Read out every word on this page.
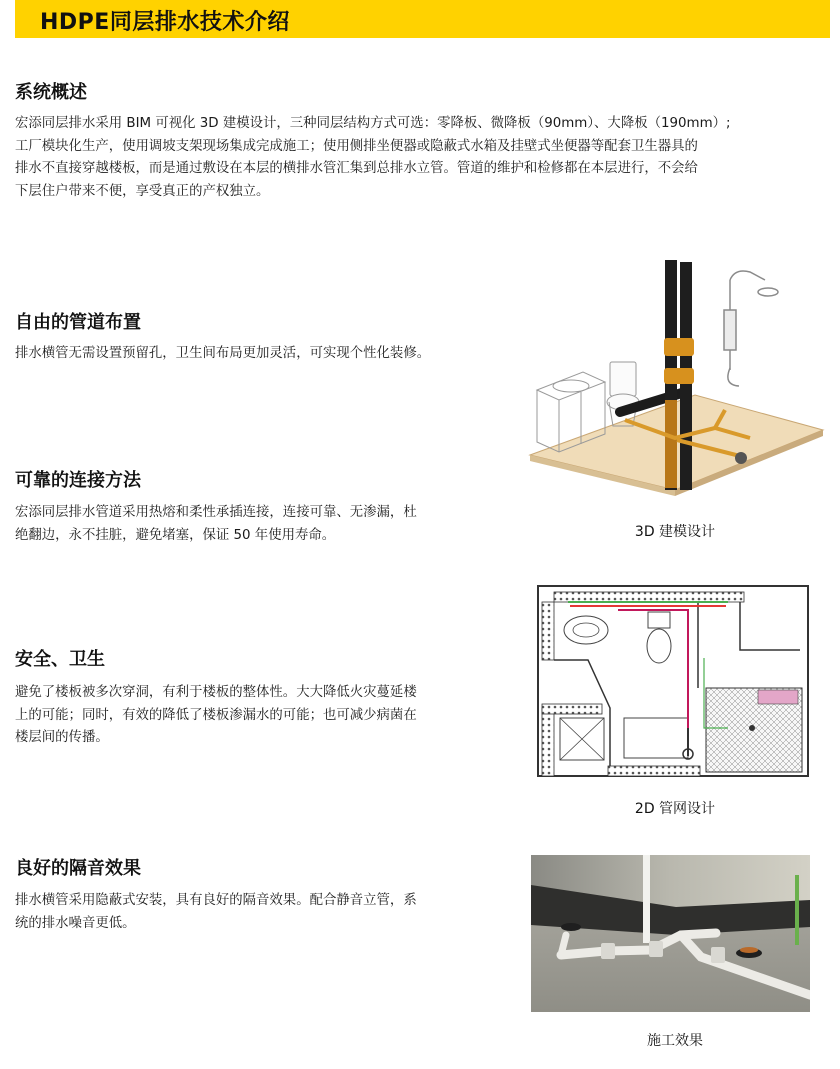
HDPE同层排水技术介绍
系统概述
宏添同层排水采用 BIM 可视化 3D 建模设计，三种同层结构方式可选：零降板、微降板（90mm）、大降板（190mm）;
工厂模块化生产，使用调坡支架现场集成完成施工；使用侧排坐便器或隐蔽式水箱及挂壁式坐便器等配套卫生器具的
排水不直接穿越楼板，而是通过敷设在本层的横排水管汇集到总排水立管。管道的维护和检修都在本层进行，不会给
下层住户带来不便，享受真正的产权独立。
自由的管道布置
排水横管无需设置预留孔，卫生间布局更加灵活，可实现个性化装修。
可靠的连接方法
宏添同层排水管道采用热熔和柔性承插连接，连接可靠、无渗漏，杜
绝翻边，永不挂脏，避免堵塞，保证 50 年使用寿命。
安全、卫生
避免了楼板被多次穿洞，有利于楼板的整体性。大大降低火灾蔓延楼
上的可能；同时，有效的降低了楼板渗漏水的可能；也可减少病菌在
楼层间的传播。
良好的隔音效果
排水横管采用隐蔽式安装，具有良好的隔音效果。配合静音立管，系
统的排水噪音更低。
3D 建模设计
2D 管网设计
施工效果
